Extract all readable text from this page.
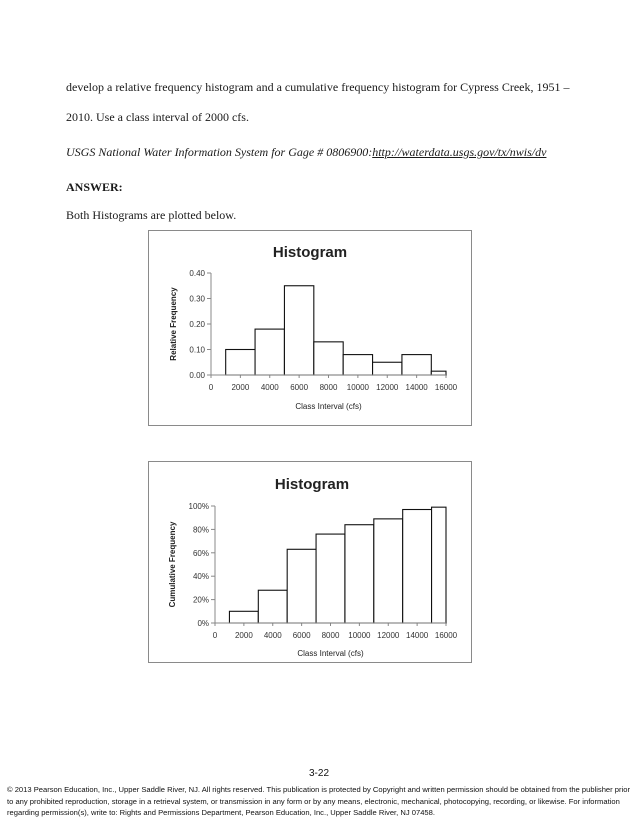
develop a relative frequency histogram and a cumulative frequency histogram for Cypress Creek, 1951 –
2010. Use a class interval of 2000 cfs.
USGS National Water Information System for Gage # 0806900:http://waterdata.usgs.gov/tx/nwis/dv
ANSWER:
Both Histograms are plotted below.
Histogram
0.00
0.10
0.20
0.30
0.40
0 2000 4000 6000 8000 10000 12000 14000 16000
Class Interval (cfs)
Relative Frequency
Histogram
0%
20%
40%
60%
80%
100%
0 2000 4000 6000 8000 10000 12000 14000 16000
Class Interval (cfs)
Cumulative Frequency
3-22
© 2013 Pearson Education, Inc., Upper Saddle River, NJ. All rights reserved. This publication is protected by Copyright and written permission should be obtained from the publisher prior to any prohibited reproduction, storage in a retrieval system, or transmission in any form or by any means, electronic, mechanical, photocopying, recording, or likewise. For information regarding permission(s), write to: Rights and Permissions Department, Pearson Education, Inc., Upper Saddle River, NJ 07458.
